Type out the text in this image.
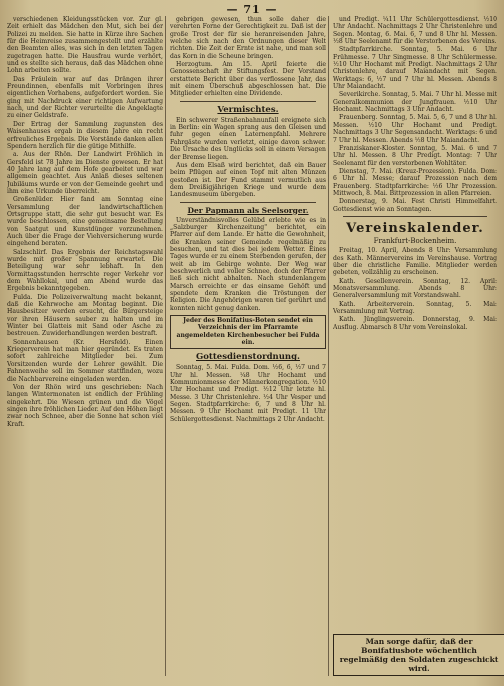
— 71 —

verschiedenen Kleidungsstücken vor. Zur gl. Zeit erhielt das Mädchen den Mut, sich bei der Polizei zu melden. Sie hatte in Kürze ihre Sachen für die Heimreise zusammengestellt und erzählte den Beamten alles, was sich in den letzten Tagen zugetragen hatte. Die Hausfrau wurde verhört, und es stellte sich heraus, daß das Mädchen ohne Lohn arbeiten sollte.

Das Fräulein war auf das Drängen ihrer Freundinnen, ebenfalls mit Vorbringen ihres eigentlichen Vorhabens, aufgefordert worden. Sie ging mit Nachdruck einer richtigen Aufwartung nach, und der Richter verurteilte die Angeklagte zu einer Geldstrafe.

Der Ertrag der Sammlung zugunsten des Waisenhauses ergab in diesem Jahre ein recht erfreuliches Ergebnis. Die Vorstände danken allen Spendern herzlich für die gütige Mithilfe.

a. Aus der Rhön. Der Landwirt Fröhlich in Gersfeld ist 78 Jahre im Dienste gewesen. Er hat 40 Jahre lang auf dem Hofe gearbeitet und war allgemein geachtet. Aus Anlaß dieses seltenen Jubiläums wurde er von der Gemeinde geehrt und ihm eine Urkunde überreicht.

Großenlüder. Hier fand am Sonntag eine Versammlung der landwirtschaftlichen Ortsgruppe statt, die sehr gut besucht war. Es wurde beschlossen, eine gemeinsame Bestellung von Saatgut und Kunstdünger vorzunehmen. Auch über die Frage der Viehversicherung wurde eingehend beraten.

Salzschlirf. Das Ergebnis der Reichstagswahl wurde mit großer Spannung erwartet. Die Beteiligung war sehr lebhaft. In den Vormittagsstunden herrschte reger Verkehr vor dem Wahllokal, und am Abend wurde das Ergebnis bekanntgegeben.

Fulda. Die Polizeiverwaltung macht bekannt, daß die Kehrwoche am Montag beginnt. Die Hausbesitzer werden ersucht, die Bürgersteige vor ihren Häusern sauber zu halten und im Winter bei Glatteis mit Sand oder Asche zu bestreuen. Zuwiderhandlungen werden bestraft.

Sonnenhausen (Kr. Hersfeld). Einen Kriegerverein hat man hier gegründet. Es traten sofort zahlreiche Mitglieder bei. Zum Vorsitzenden wurde der Lehrer gewählt. Die Fahnenweihe soll im Sommer stattfinden, wozu die Nachbarvereine eingeladen werden.

Von der Rhön wird uns geschrieben: Nach langen Wintermonaten ist endlich der Frühling eingekehrt. Die Wiesen grünen und die Vögel singen ihre fröhlichen Lieder. Auf den Höhen liegt zwar noch Schnee, aber die Sonne hat schon viel Kraft.

gebrigen gewesen, thun solle daher die verehrten Forne der Gerechtigkeit zu. Daß ist der große Trost der für sie heranreisenden Jahre, welche sich nach den Ordnungen dieser Welt richten. Die Zeit der Ernte ist nahe, und man soll das Korn in die Scheune bringen.

Herzogtum. Am 15. April feierte die Genossenschaft ihr Stiftungsfest. Der Vorstand erstattete Bericht über das verflossene Jahr, das mit einem Überschuß abgeschlossen hat. Die Mitglieder erhielten eine Dividende.

Vermischtes.

Ein schwerer Straßenbahnunfall ereignete sich in Berlin: ein Wagen sprang aus den Gleisen und fuhr gegen einen Laternenpfahl. Mehrere Fahrgäste wurden verletzt, einige davon schwer. Die Ursache des Unglücks soll in einem Versagen der Bremse liegen.

Aus dem Elsaß wird berichtet, daß ein Bauer beim Pflügen auf einen Topf mit alten Münzen gestoßen ist. Der Fund stammt vermutlich aus dem Dreißigjährigen Kriege und wurde dem Landesmuseum übergeben.

Der Papmann als Seelsorger.

Unverständnisvolles Gelübd erlebte wie es in „Salzburger Kirchenzeitung" berichtet, ein Pfarrer auf dem Lande. Er hatte die Gewohnheit, die Kranken seiner Gemeinde regelmäßig zu besuchen, und tat dies bei jedem Wetter. Eines Tages wurde er zu einem Sterbenden gerufen, der weit ab im Gebirge wohnte. Der Weg war beschwerlich und voller Schnee, doch der Pfarrer ließ sich nicht abhalten. Nach stundenlangem Marsch erreichte er das einsame Gehöft und spendete dem Kranken die Tröstungen der Religion. Die Angehörigen waren tief gerührt und konnten nicht genug danken.

Jeder des Bonifatius-Boten sendet ein Verzeichnis der im Pfarramte angemeldeten Kirchenbesucher bei Fulda ein.

Gottesdienstordnung.

Sonntag, 5. Mai. Fulda. Dom. ½6, 6, ½7 und 7 Uhr hl. Messen. ¼8 Uhr Hochamt und Kommunionmesse der Männerkongregation. ½10 Uhr Hochamt und Predigt. ½12 Uhr letzte hl. Messe. 3 Uhr Christenlehre. ½4 Uhr Vesper und Segen. Stadtpfarrkirche: 6, 7 und 8 Uhr hl. Messen. 9 Uhr Hochamt mit Predigt. 11 Uhr Schülergottesdienst. Nachmittags 2 Uhr Andacht.

und Predigt. ¼11 Uhr Schülergottesdienst. ½10 Uhr Andacht. Nachmittags 2 Uhr Christenlehre und Segen. Montag, 6. Mai. 6, 7 und 8 Uhr hl. Messen. ½8 Uhr Seelenamt für die Verstorbenen des Vereins.

Stadtpfarrkirche. Sonntag, 5. Mai. 6 Uhr Frühmesse. 7 Uhr Singmesse. 8 Uhr Schülermesse. ½10 Uhr Hochamt mit Predigt. Nachmittags 2 Uhr Christenlehre, darauf Maiandacht mit Segen. Werktags: 6, ½7 und 7 Uhr hl. Messen. Abends 8 Uhr Maiandacht.

Severikirche. Sonntag, 5. Mai. 7 Uhr hl. Messe mit Generalkommunion der Jungfrauen. ½10 Uhr Hochamt. Nachmittags 3 Uhr Andacht.

Frauenberg. Sonntag, 5. Mai. 5, 6, 7 und 8 Uhr hl. Messen. ½10 Uhr Hochamt und Predigt. Nachmittags 3 Uhr Segensandacht. Werktags: 6 und 7 Uhr hl. Messen. Abends ½8 Uhr Maiandacht.

Franziskaner-Kloster. Sonntag, 5. Mai. 6 und 7 Uhr hl. Messen. 8 Uhr Predigt. Montag: 7 Uhr Seelenamt für den verstorbenen Wohltäter.

Dienstag, 7. Mai. (Kreuz-Prozession). Fulda. Dom: 6 Uhr hl. Messe; darauf Prozession nach dem Frauenberg. Stadtpfarrkirche: ½6 Uhr Prozession. Mittwoch, 8. Mai. Bittprozession in allen Pfarreien.

Donnerstag, 9. Mai. Fest Christi Himmelfahrt. Gottesdienst wie an Sonntagen.

Vereinskalender.

Frankfurt-Bockenheim.

Freitag, 10. April, Abends 8 Uhr: Versammlung des Kath. Männervereins im Vereinshause. Vortrag über die christliche Familie. Mitglieder werden gebeten, vollzählig zu erscheinen.

Kath. Gesellenverein. Sonntag, 12. April: Monatsversammlung. Abends 8 Uhr: Generalversammlung mit Vorstandswahl.

Kath. Arbeiterverein. Sonntag, 5. Mai: Versammlung mit Vortrag.

Kath. Jünglingsverein. Donnerstag, 9. Mai: Ausflug. Abmarsch 8 Uhr vom Vereinslokal.

Man sorge dafür, daß der Bonifatiusbote wöchentlich regelmäßig den Soldaten zugeschickt wird.
